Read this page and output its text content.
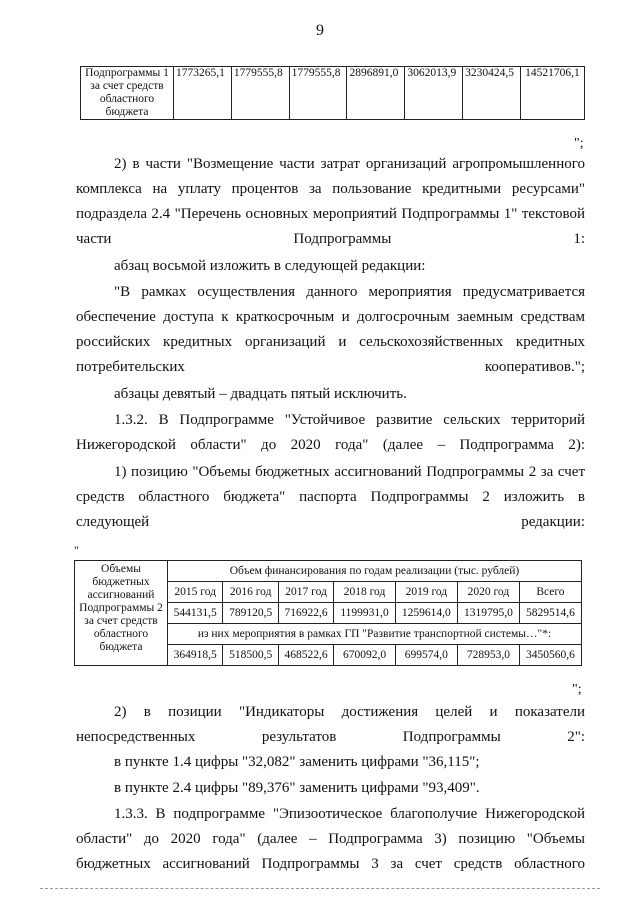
9
Подпрограммы 1 за счет средств областного бюджета	1773265,1	1779555,8	1779555,8	2896891,0	3062013,9	3230424,5	14521706,1
";
2) в части "Возмещение части затрат организаций агропромышленного комплекса на уплату процентов за пользование кредитными ресурсами" подраздела 2.4 "Перечень основных мероприятий Подпрограммы 1" текстовой части Подпрограммы 1:
абзац восьмой изложить в следующей редакции:
"В рамках осуществления данного мероприятия предусматривается обеспечение доступа к краткосрочным и долгосрочным заемным средствам российских кредитных организаций и сельскохозяйственных кредитных потребительских кооперативов.";
абзацы девятый – двадцать пятый исключить.
1.3.2. В Подпрограмме "Устойчивое развитие сельских территорий Нижегородской области" до 2020 года" (далее – Подпрограмма 2):
1) позицию "Объемы бюджетных ассигнований Подпрограммы 2 за счет средств областного бюджета" паспорта Подпрограммы 2 изложить в следующей редакции:
"
Объемы бюджетных ассигнований Подпрограммы 2 за счет средств областного бюджета	Объем финансирования по годам реализации (тыс. рублей)						
	2015 год	2016 год	2017 год	2018 год	2019 год	2020 год	Всего
	544131,5	789120,5	716922,6	1199931,0	1259614,0	1319795,0	5829514,6
	из них мероприятия в рамках ГП "Развитие транспортной системы…"*:						
	364918,5	518500,5	468522,6	670092,0	699574,0	728953,0	3450560,6
";
2) в позиции "Индикаторы достижения целей и показатели непосредственных результатов Подпрограммы 2":
в пункте 1.4 цифры "32,082" заменить цифрами "36,115";
в пункте 2.4 цифры "89,376" заменить цифрами "93,409".
1.3.3. В подпрограмме "Эпизоотическое благополучие Нижегородской области" до 2020 года" (далее – Подпрограмма 3) позицию "Объемы бюджетных ассигнований Подпрограммы 3 за счет средств областного
